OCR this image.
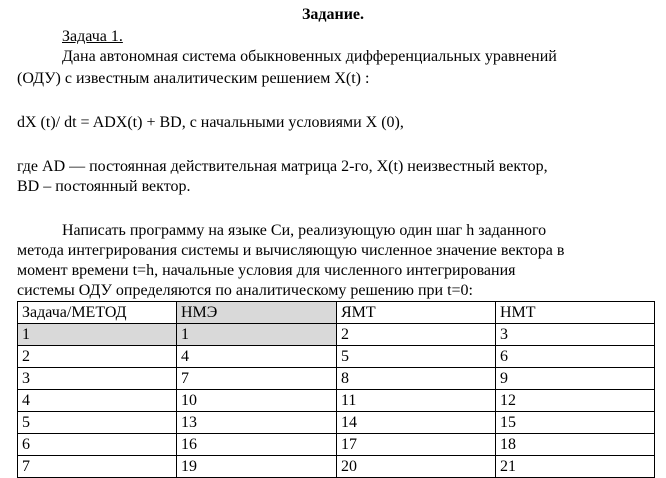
Задание.
Задача 1.
Дана автономная система обыкновенных дифференциальных уравнений
(ОДУ) с известным аналитическим решением X(t) :
dX (t)/ dt = ADX(t) + BD, с начальными условиями X (0),
где AD — постоянная действительная матрица 2-го, X(t) неизвестный вектор,
BD – постоянный вектор.
Написать программу на языке Си, реализующую один шаг h заданного
метода интегрирования системы и вычисляющую численное значение вектора в
момент времени t=h, начальные условия для численного интегрирования
системы ОДУ определяются по аналитическому решению при t=0:
Задача/МЕТОД	НМЭ	ЯМТ	НМТ
1	1	2	3
2	4	5	6
3	7	8	9
4	10	11	12
5	13	14	15
6	16	17	18
7	19	20	21
